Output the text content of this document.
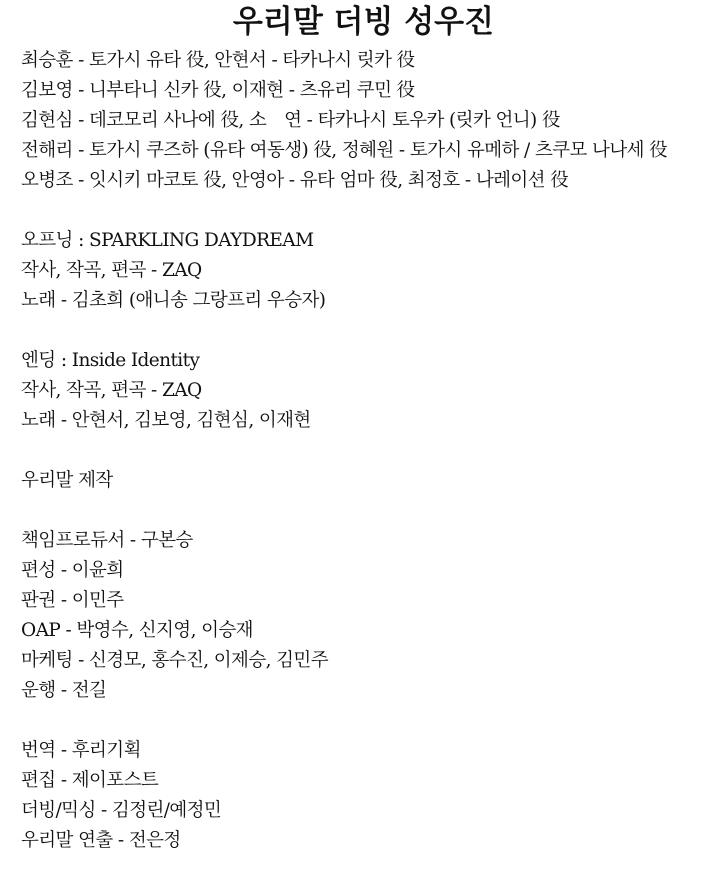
우리말 더빙 성우진
최승훈 - 토가시 유타 役, 안현서 - 타카나시 릿카 役
김보영 - 니부타니 신카 役, 이재현 - 츠유리 쿠민 役
김현심 - 데코모리 사나에 役, 소　연 - 타카나시 토우카 (릿카 언니) 役
전해리 - 토가시 쿠즈하 (유타 여동생) 役, 정혜원 - 토가시 유메하 / 츠쿠모 나나세 役
오병조 - 잇시키 마코토 役, 안영아 - 유타 엄마 役, 최정호 - 나레이션 役
오프닝 : SPARKLING DAYDREAM
작사, 작곡, 편곡 - ZAQ
노래 - 김초희 (애니송 그랑프리 우승자)
엔딩 : Inside Identity
작사, 작곡, 편곡 - ZAQ
노래 - 안현서, 김보영, 김현심, 이재현
우리말 제작
책임프로듀서 - 구본승
편성 - 이윤희
판권 - 이민주
OAP - 박영수, 신지영, 이승재
마케팅 - 신경모, 홍수진, 이제승, 김민주
운행 - 전길
번역 - 후리기획
편집 - 제이포스트
더빙/믹싱 - 김정린/예정민
우리말 연출 - 전은정
